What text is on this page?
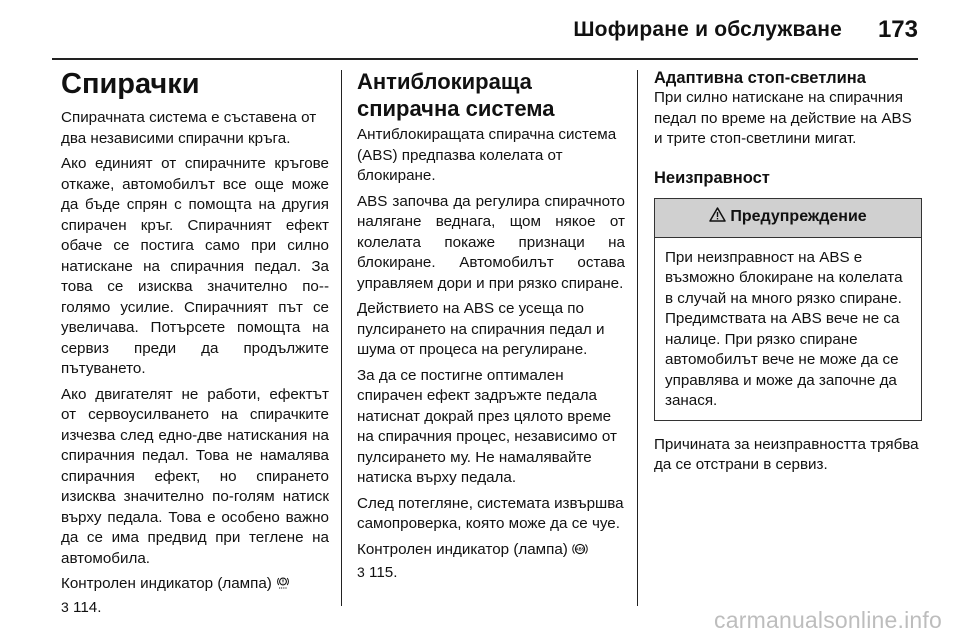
Шофиране и обслужване 173
Спирачки

Спирачната система е съставена от два независими спирачни кръга.

Ако единият от спирачните кръгове откаже, автомобилът все още може да бъде спрян с помощта на другия спирачен кръг. Спирачният ефект обаче се постига само при силно натискане на спирачния педал. За това се изисква значително по-голямо усилие. Спирачният път се увеличава. Потърсете помощта на сервиз преди да продължите пътуването.

Ако двигателят не работи, ефектът от сервоусилването на спирачките изчезва след едно-две натискания на спирачния педал. Това не намалява спирачния ефект, но спирането изисква значително по-голям натиск върху педала. Това е особено важно да се има предвид при теглене на автомобила.

Контролен индикатор (лампа)
3 114.

Антиблокираща спирачна система

Антиблокиращата спирачна система (ABS) предпазва колелата от блокиране.

ABS започва да регулира спирачното налягане веднага, щом някое от колелата покаже признаци на блокиране. Автомобилът остава управляем дори и при рязко спиране.

Действието на ABS се усеща по пулсирането на спирачния педал и шума от процеса на регулиране.

За да се постигне оптимален спирачен ефект задръжте педала натиснат докрай през цялото време на спирачния процес, независимо от пулсирането му. Не намалявайте натиска върху педала.

След потегляне, системата извършва самопроверка, която може да се чуе.

Контролен индикатор (лампа) ABS

3 115.

Адаптивна стоп-светлина

При силно натискане на спирачния педал по време на действие на ABS и трите стоп-светлини мигат.

Неизправност
Предупреждение
При неизправност на ABS е възможно блокиране на колелата в случай на много рязко спиране. Предимствата на ABS вече не са налице. При рязко спиране автомобилът вече не може да се управлява и може да започне да занася.

Причината за неизправността трябва да се отстрани в сервиз.

carmanualsonline.info
